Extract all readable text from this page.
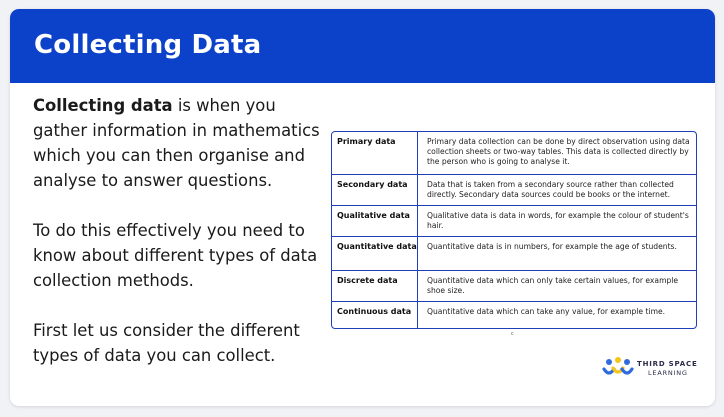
Collecting Data

Collecting data is when you gather information in mathematics which you can then organise and analyse to answer questions.

To do this effectively you need to know about different types of data collection methods.

First let us consider the different types of data you can collect.

Primary data	Primary data collection can be done by direct observation using data collection sheets or two-way tables. This data is collected directly by the person who is going to analyse it.
Secondary data	Data that is taken from a secondary source rather than collected directly. Secondary data sources could be books or the internet.
Qualitative data	Qualitative data is data in words, for example the colour of student's hair.
Quantitative data	Quantitative data is in numbers, for example the age of students.
Discrete data	Quantitative data which can only take certain values, for example shoe size.
Continuous data	Quantitative data which can take any value, for example time.
c
THIRD SPACE
LEARNING
